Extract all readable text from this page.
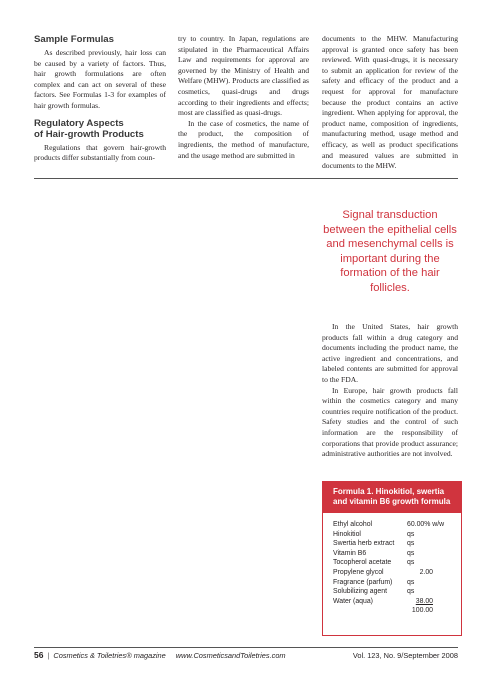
Sample Formulas

As described previously, hair loss can be caused by a variety of factors. Thus, hair growth formulations are often complex and can act on several of these factors. See Formulas 1-3 for examples of hair growth formulas.

Regulatory Aspects
of Hair-growth Products

Regulations that govern hair-growth products differ substantially from coun-

try to country. In Japan, regulations are stipulated in the Pharmaceutical Affairs Law and requirements for approval are governed by the Ministry of Health and Welfare (MHW). Products are classified as cosmetics, quasi-drugs and drugs according to their ingredients and effects; most are classified as quasi-drugs.

In the case of cosmetics, the name of the product, the composition of ingredients, the method of manufacture, and the usage method are submitted in

documents to the MHW. Manufacturing approval is granted once safety has been reviewed. With quasi-drugs, it is necessary to submit an application for review of the safety and efficacy of the product and a request for approval for manufacture because the product contains an active ingredient. When applying for approval, the product name, composition of ingredients, manufacturing method, usage method and efficacy, as well as product specifications and measured values are submitted in documents to the MHW.

Signal transduction between the epithelial cells and mesenchymal cells is important during the formation of the hair follicles.

In the United States, hair growth products fall within a drug category and documents including the product name, the active ingredient and concentrations, and labeled contents are submitted for approval to the FDA.

In Europe, hair growth products fall within the cosmetics category and many countries require notification of the product. Safety studies and the control of such information are the responsibility of corporations that provide product assurance; administrative authorities are not involved.

Formula 1. Hinokitiol, swertia and vitamin B6 growth formula
Ethyl alcohol	60.00% w/w
Hinokitiol	qs
Swertia herb extract	qs
Vitamin B6	qs
Tocopherol acetate	qs
Propylene glycol	2.00
Fragrance (parfum)	qs
Solubilizing agent	qs
Water (aqua)	38.00
100.00
56 | Cosmetics & Toiletries® magazine www.CosmeticsandToiletries.com	Vol. 123, No. 9/September 2008
